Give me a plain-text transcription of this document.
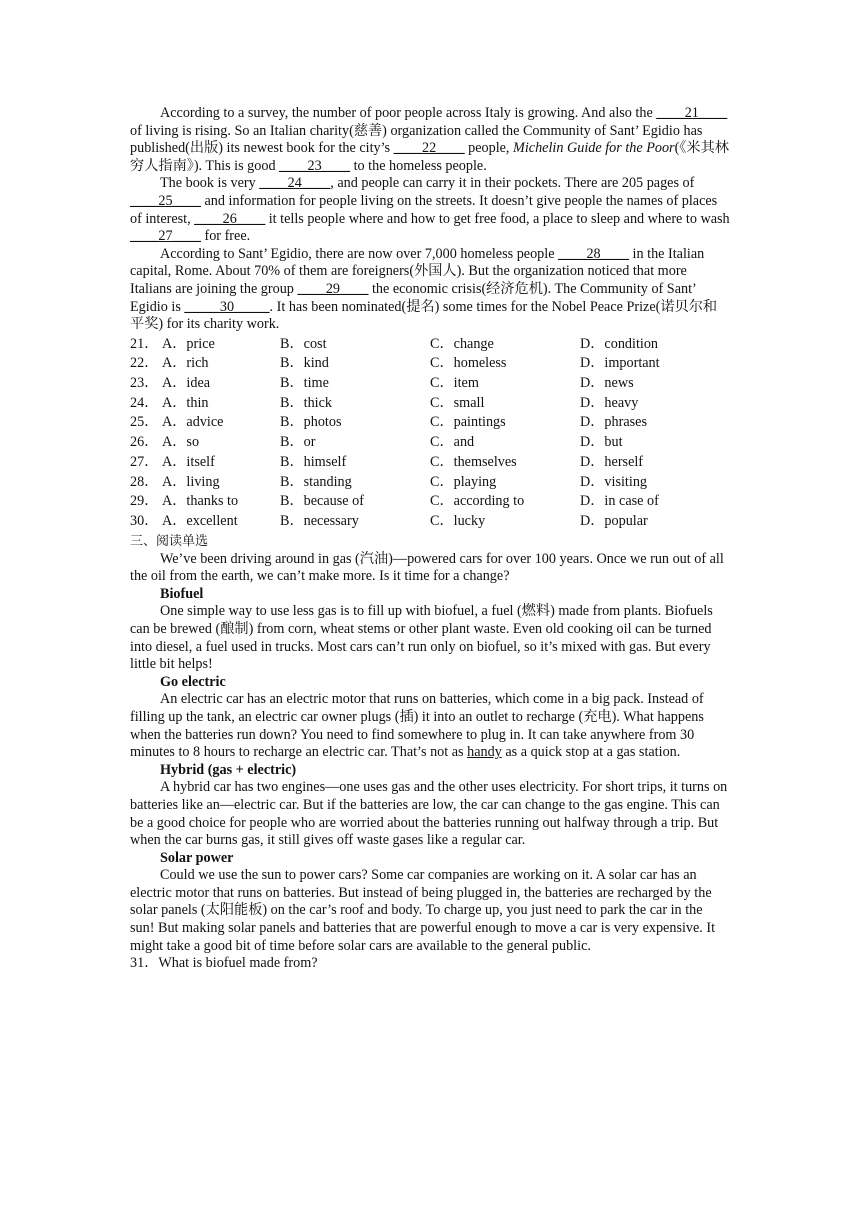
According to a survey, the number of poor people across Italy is growing. And also the ____21____ of living is rising. So an Italian charity(慈善) organization called the Community of Sant’ Egidio has published(出版) its newest book for the city’s ____22____ people, Michelin Guide for the Poor(《米其林穷人指南》). This is good ____23____ to the homeless people.

The book is very ____24____, and people can carry it in their pockets. There are 205 pages of ____25____ and information for people living on the streets. It doesn’t give people the names of places of interest, ____26____ it tells people where and how to get free food, a place to sleep and where to wash ____27____ for free.

According to Sant’ Egidio, there are now over 7,000 homeless people ____28____ in the Italian capital, Rome. About 70% of them are foreigners(外国人). But the organization noticed that more Italians are joining the group ____29____ the economic crisis(经济危机). The Community of Sant’ Egidio is _____30_____. It has been nominated(提名) some times for the Nobel Peace Prize(诺贝尔和平奖) for its charity work.

21． A．price	B．cost	C．change	D．condition
22． A．rich	B．kind	C．homeless	D．important
23． A．idea	B．time	C．item	D．news
24． A．thin	B．thick	C．small	D．heavy
25． A．advice	B．photos	C．paintings	D．phrases
26． A．so	B．or	C．and	D．but
27． A．itself	B．himself	C．themselves	D．herself
28． A．living	B．standing	C．playing	D．visiting
29． A．thanks to	B．because of	C．according to	D．in case of
30． A．excellent	B．necessary	C．lucky	D．popular

三、阅读单选

We’ve been driving around in gas (汽油)—powered cars for over 100 years. Once we run out of all the oil from the earth, we can’t make more. Is it time for a change?

Biofuel

One simple way to use less gas is to fill up with biofuel, a fuel (燃料) made from plants. Biofuels can be brewed (酿制) from corn, wheat stems or other plant waste. Even old cooking oil can be turned into diesel, a fuel used in trucks. Most cars can’t run only on biofuel, so it’s mixed with gas. But every little bit helps!

Go electric

An electric car has an electric motor that runs on batteries, which come in a big pack. Instead of filling up the tank, an electric car owner plugs (插) it into an outlet to recharge (充电). What happens when the batteries run down? You need to find somewhere to plug in. It can take anywhere from 30 minutes to 8 hours to recharge an electric car. That’s not as handy as a quick stop at a gas station.

Hybrid (gas + electric)

A hybrid car has two engines—one uses gas and the other uses electricity. For short trips, it turns on batteries like an—electric car. But if the batteries are low, the car can change to the gas engine. This can be a good choice for people who are worried about the batteries running out halfway through a trip. But when the car burns gas, it still gives off waste gases like a regular car.

Solar power

Could we use the sun to power cars? Some car companies are working on it. A solar car has an electric motor that runs on batteries. But instead of being plugged in, the batteries are recharged by the solar panels (太阳能板) on the car’s roof and body. To charge up, you just need to park the car in the sun! But making solar panels and batteries that are powerful enough to move a car is very expensive. It might take a good bit of time before solar cars are available to the general public.

31．What is biofuel made from?
